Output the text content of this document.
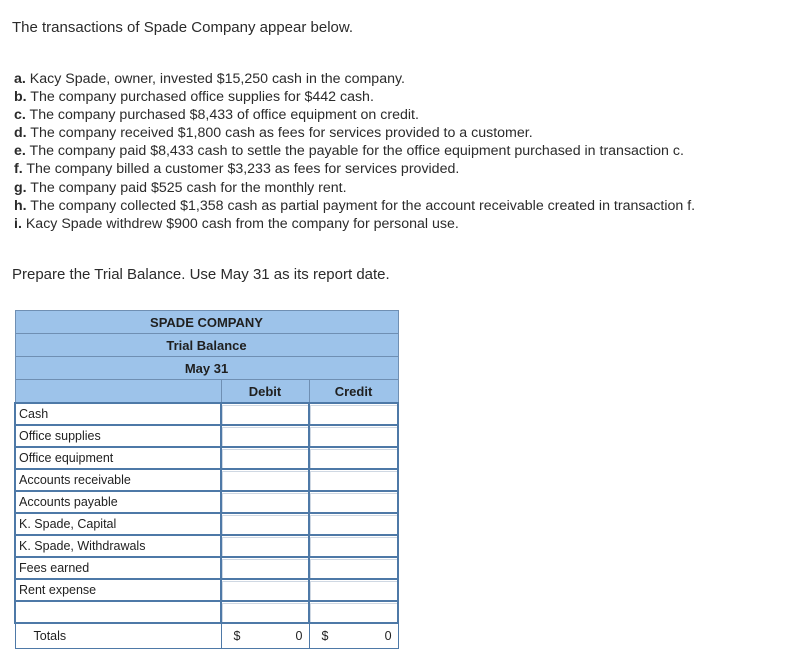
The transactions of Spade Company appear below.
a. Kacy Spade, owner, invested $15,250 cash in the company.
b. The company purchased office supplies for $442 cash.
c. The company purchased $8,433 of office equipment on credit.
d. The company received $1,800 cash as fees for services provided to a customer.
e. The company paid $8,433 cash to settle the payable for the office equipment purchased in transaction c.
f. The company billed a customer $3,233 as fees for services provided.
g. The company paid $525 cash for the monthly rent.
h. The company collected $1,358 cash as partial payment for the account receivable created in transaction f.
i. Kacy Spade withdrew $900 cash from the company for personal use.
Prepare the Trial Balance. Use May 31 as its report date.
SPADE COMPANY		
Trial Balance		
May 31		
	Debit	Credit
Cash	

Office supplies	

Office equipment	

Accounts receivable	

Accounts payable	

K. Spade, Capital	

K. Spade, Withdrawals	

Fees earned	

Rent expense	

Totals	$ 0	$ 0
